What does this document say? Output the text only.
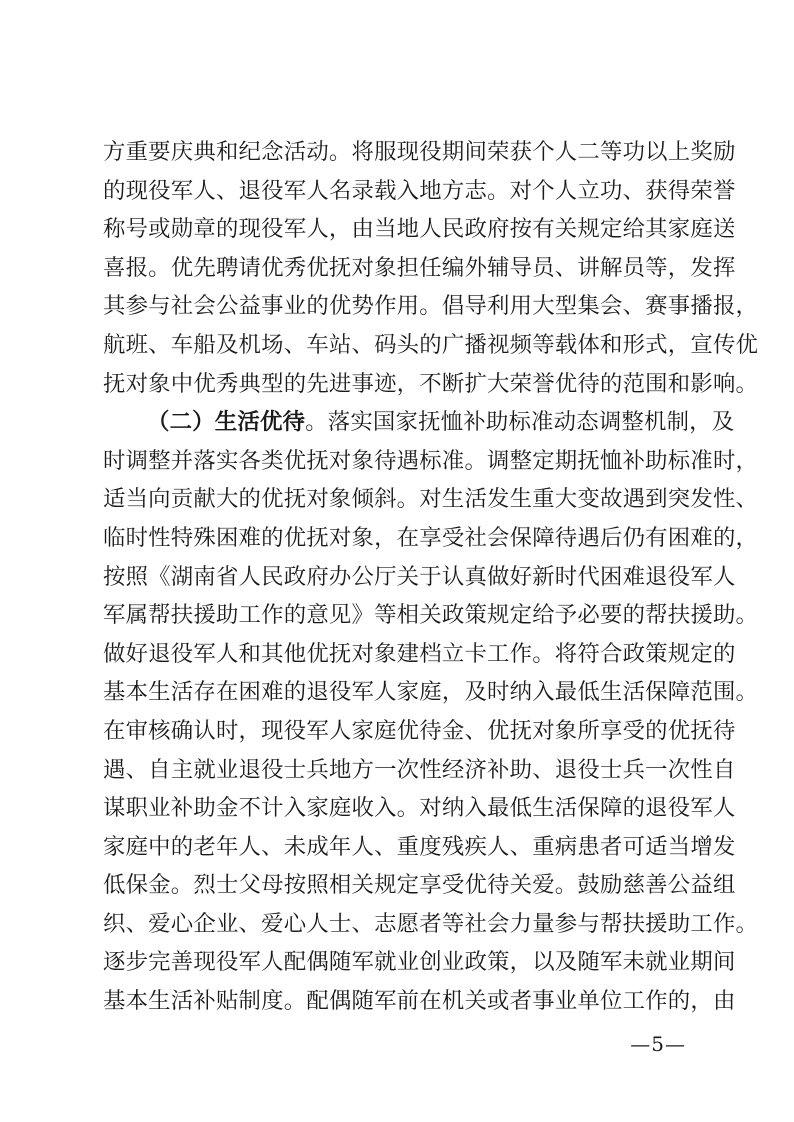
方重要庆典和纪念活动。将服现役期间荣获个人二等功以上奖励
的现役军人、退役军人名录载入地方志。对个人立功、获得荣誉
称号或勋章的现役军人，由当地人民政府按有关规定给其家庭送
喜报。优先聘请优秀优抚对象担任编外辅导员、讲解员等，发挥
其参与社会公益事业的优势作用。倡导利用大型集会、赛事播报，
航班、车船及机场、车站、码头的广播视频等载体和形式，宣传优
抚对象中优秀典型的先进事迹，不断扩大荣誉优待的范围和影响。
（二）生活优待。落实国家抚恤补助标准动态调整机制，及
时调整并落实各类优抚对象待遇标准。调整定期抚恤补助标准时，
适当向贡献大的优抚对象倾斜。对生活发生重大变故遇到突发性、
临时性特殊困难的优抚对象，在享受社会保障待遇后仍有困难的，
按照《湖南省人民政府办公厅关于认真做好新时代困难退役军人
军属帮扶援助工作的意见》等相关政策规定给予必要的帮扶援助。
做好退役军人和其他优抚对象建档立卡工作。将符合政策规定的
基本生活存在困难的退役军人家庭，及时纳入最低生活保障范围。
在审核确认时，现役军人家庭优待金、优抚对象所享受的优抚待
遇、自主就业退役士兵地方一次性经济补助、退役士兵一次性自
谋职业补助金不计入家庭收入。对纳入最低生活保障的退役军人
家庭中的老年人、未成年人、重度残疾人、重病患者可适当增发
低保金。烈士父母按照相关规定享受优待关爱。鼓励慈善公益组
织、爱心企业、爱心人士、志愿者等社会力量参与帮扶援助工作。
逐步完善现役军人配偶随军就业创业政策，以及随军未就业期间
基本生活补贴制度。配偶随军前在机关或者事业单位工作的，由
—5—
